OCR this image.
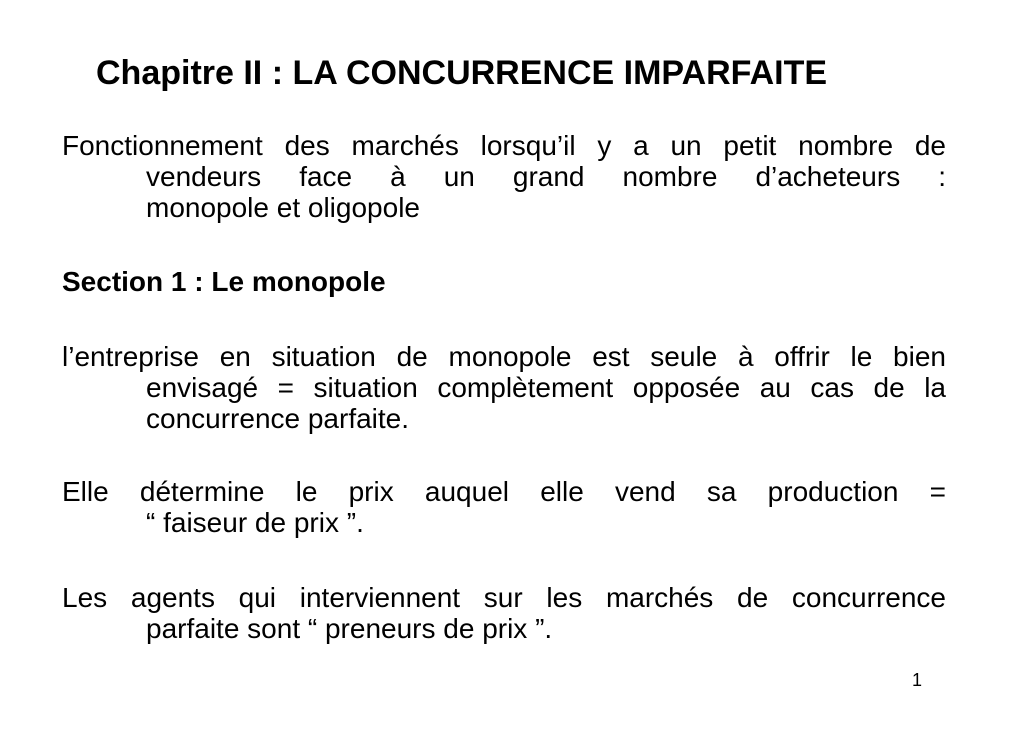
Chapitre II : LA CONCURRENCE IMPARFAITE
Fonctionnement des marchés lorsqu’il y a un petit nombre de
vendeurs face à un grand nombre d’acheteurs :
monopole et oligopole
Section 1 : Le monopole
l’entreprise en situation de monopole est seule à offrir le bien
envisagé = situation complètement opposée au cas de la
concurrence parfaite.
Elle détermine le prix auquel elle vend sa production =
“ faiseur de prix ”.
Les agents qui interviennent sur les marchés de concurrence
parfaite sont “ preneurs de prix ”.
1
